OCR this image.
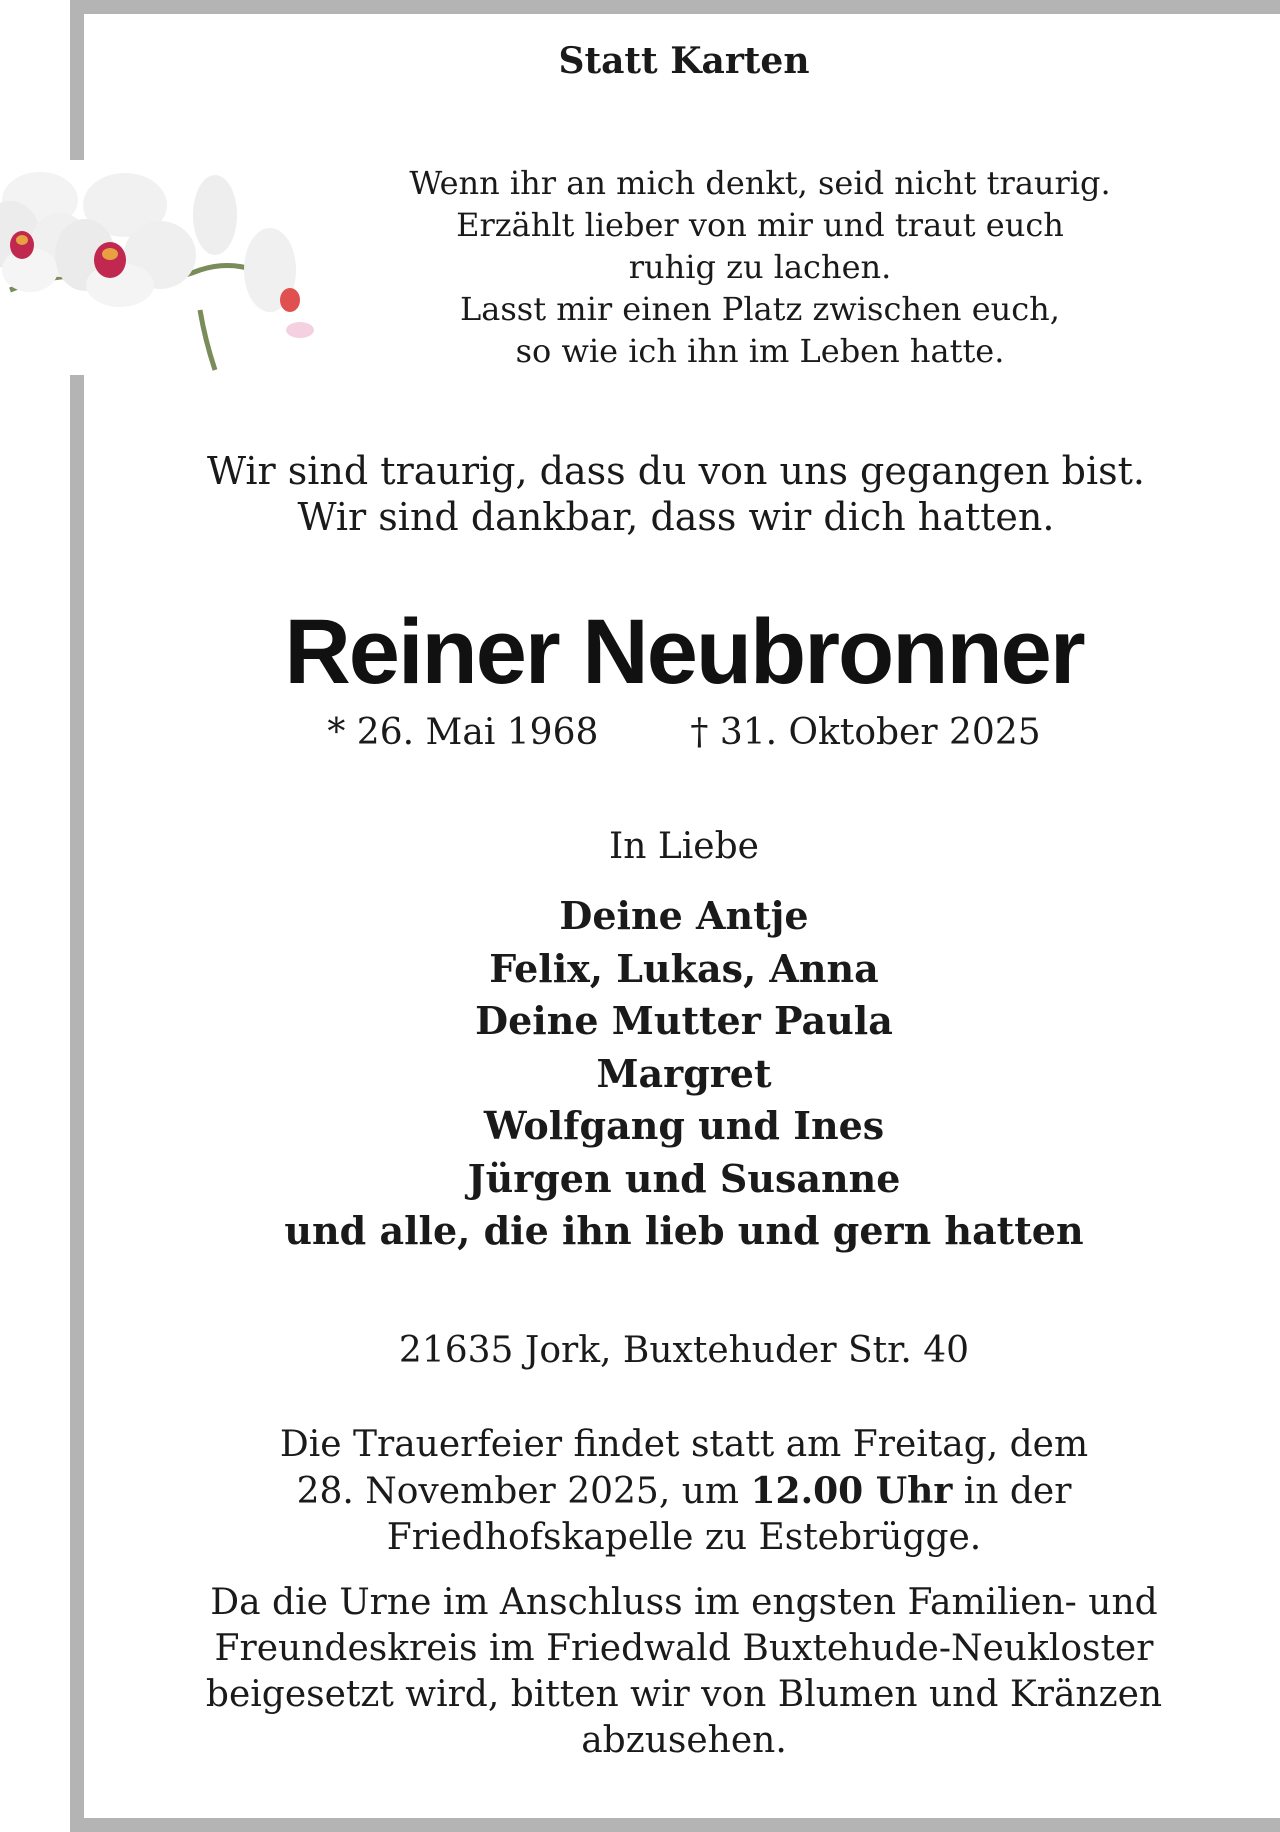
Statt Karten
Wenn ihr an mich denkt, seid nicht traurig.
Erzählt lieber von mir und traut euch
ruhig zu lachen.
Lasst mir einen Platz zwischen euch,
so wie ich ihn im Leben hatte.
Wir sind traurig, dass du von uns gegangen bist.
Wir sind dankbar, dass wir dich hatten.
Reiner Neubronner
* 26. Mai 1968	† 31. Oktober 2025
In Liebe
Deine Antje
Felix, Lukas, Anna
Deine Mutter Paula
Margret
Wolfgang und Ines
Jürgen und Susanne
und alle, die ihn lieb und gern hatten
21635 Jork, Buxtehuder Str. 40
Die Trauerfeier findet statt am Freitag, dem
28. November 2025, um 12.00 Uhr in der
Friedhofskapelle zu Estebrügge.
Da die Urne im Anschluss im engsten Familien- und
Freundeskreis im Friedwald Buxtehude-Neukloster
beigesetzt wird, bitten wir von Blumen und Kränzen
abzusehen.
